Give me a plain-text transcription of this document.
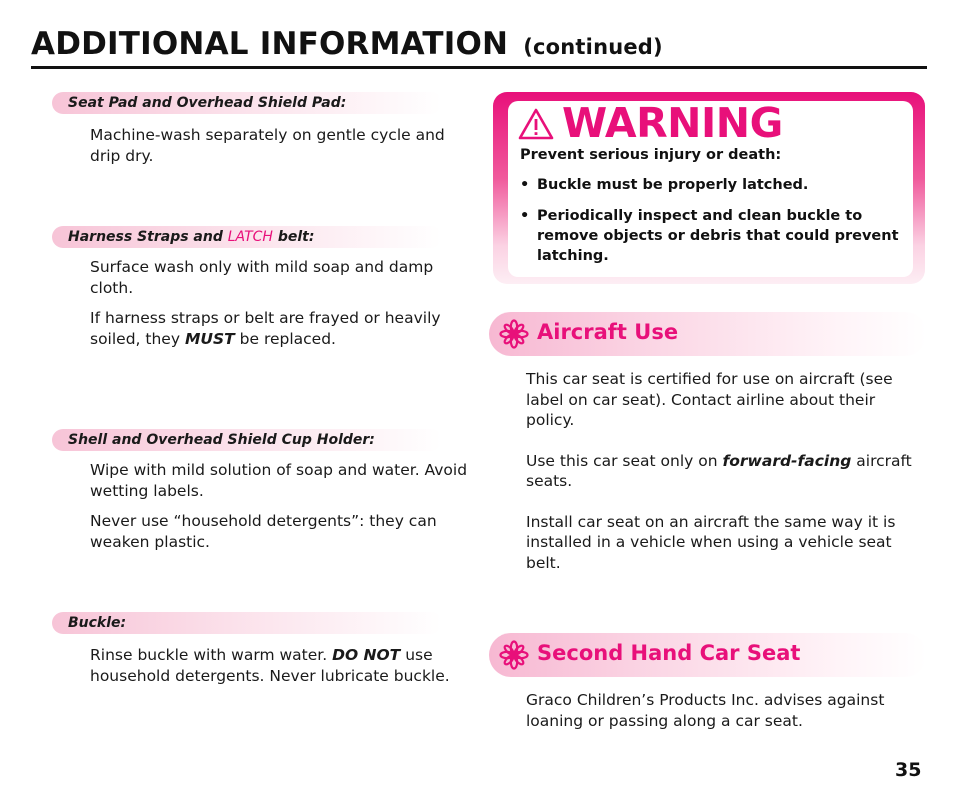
ADDITIONAL INFORMATION (continued)
Seat Pad and Overhead Shield Pad:

Machine-wash separately on gentle cycle and drip dry.

Harness Straps and LATCH belt:

Surface wash only with mild soap and damp cloth.

If harness straps or belt are frayed or heavily soiled, they MUST be replaced.

Shell and Overhead Shield Cup Holder:

Wipe with mild solution of soap and water. Avoid wetting labels.

Never use “household detergents”: they can weaken plastic.

Buckle:

Rinse buckle with warm water. DO NOT use household detergents. Never lubricate buckle.

WARNING

Prevent serious injury or death:

• Buckle must be properly latched.
• Periodically inspect and clean buckle to remove objects or debris that could prevent latching.
Aircraft Use

This car seat is certified for use on aircraft (see label on car seat). Contact airline about their policy.

Use this car seat only on forward-facing aircraft seats.

Install car seat on an aircraft the same way it is installed in a vehicle when using a vehicle seat belt.

Second Hand Car Seat

Graco Children’s Products Inc. advises against loaning or passing along a car seat.

35
